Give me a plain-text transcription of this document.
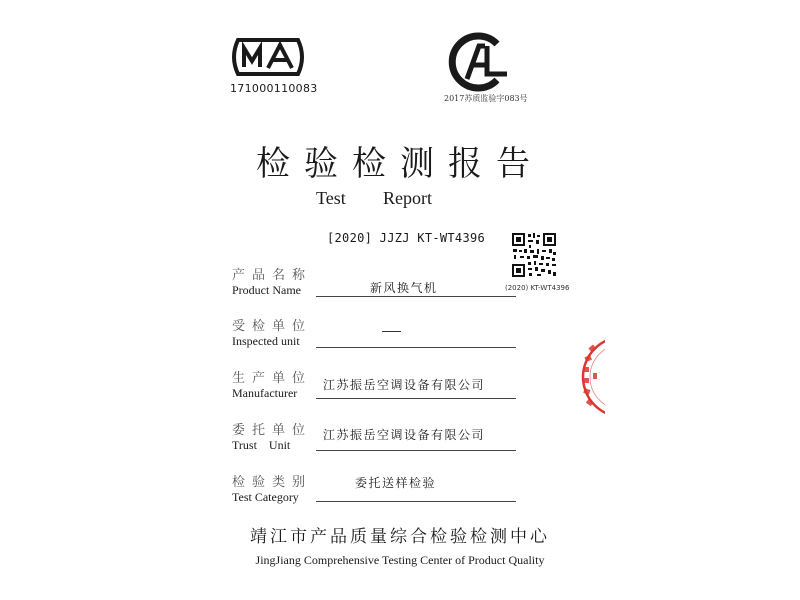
171000110083
2017苏质监验字083号
检验检测报告
Test Report
[2020] JJZJ KT-WT4396
(2020) KT-WT4396
产品名称
Product Name	新风换气机
受检单位
Inspected unit
生产单位
Manufacturer
江苏振岳空调设备有限公司
委托单位
Trust    Unit
江苏振岳空调设备有限公司
检验类别
Test Category
委托送样检验
靖江市产品质量综合检验检测中心
JingJiang Comprehensive Testing Center of Product Quality
